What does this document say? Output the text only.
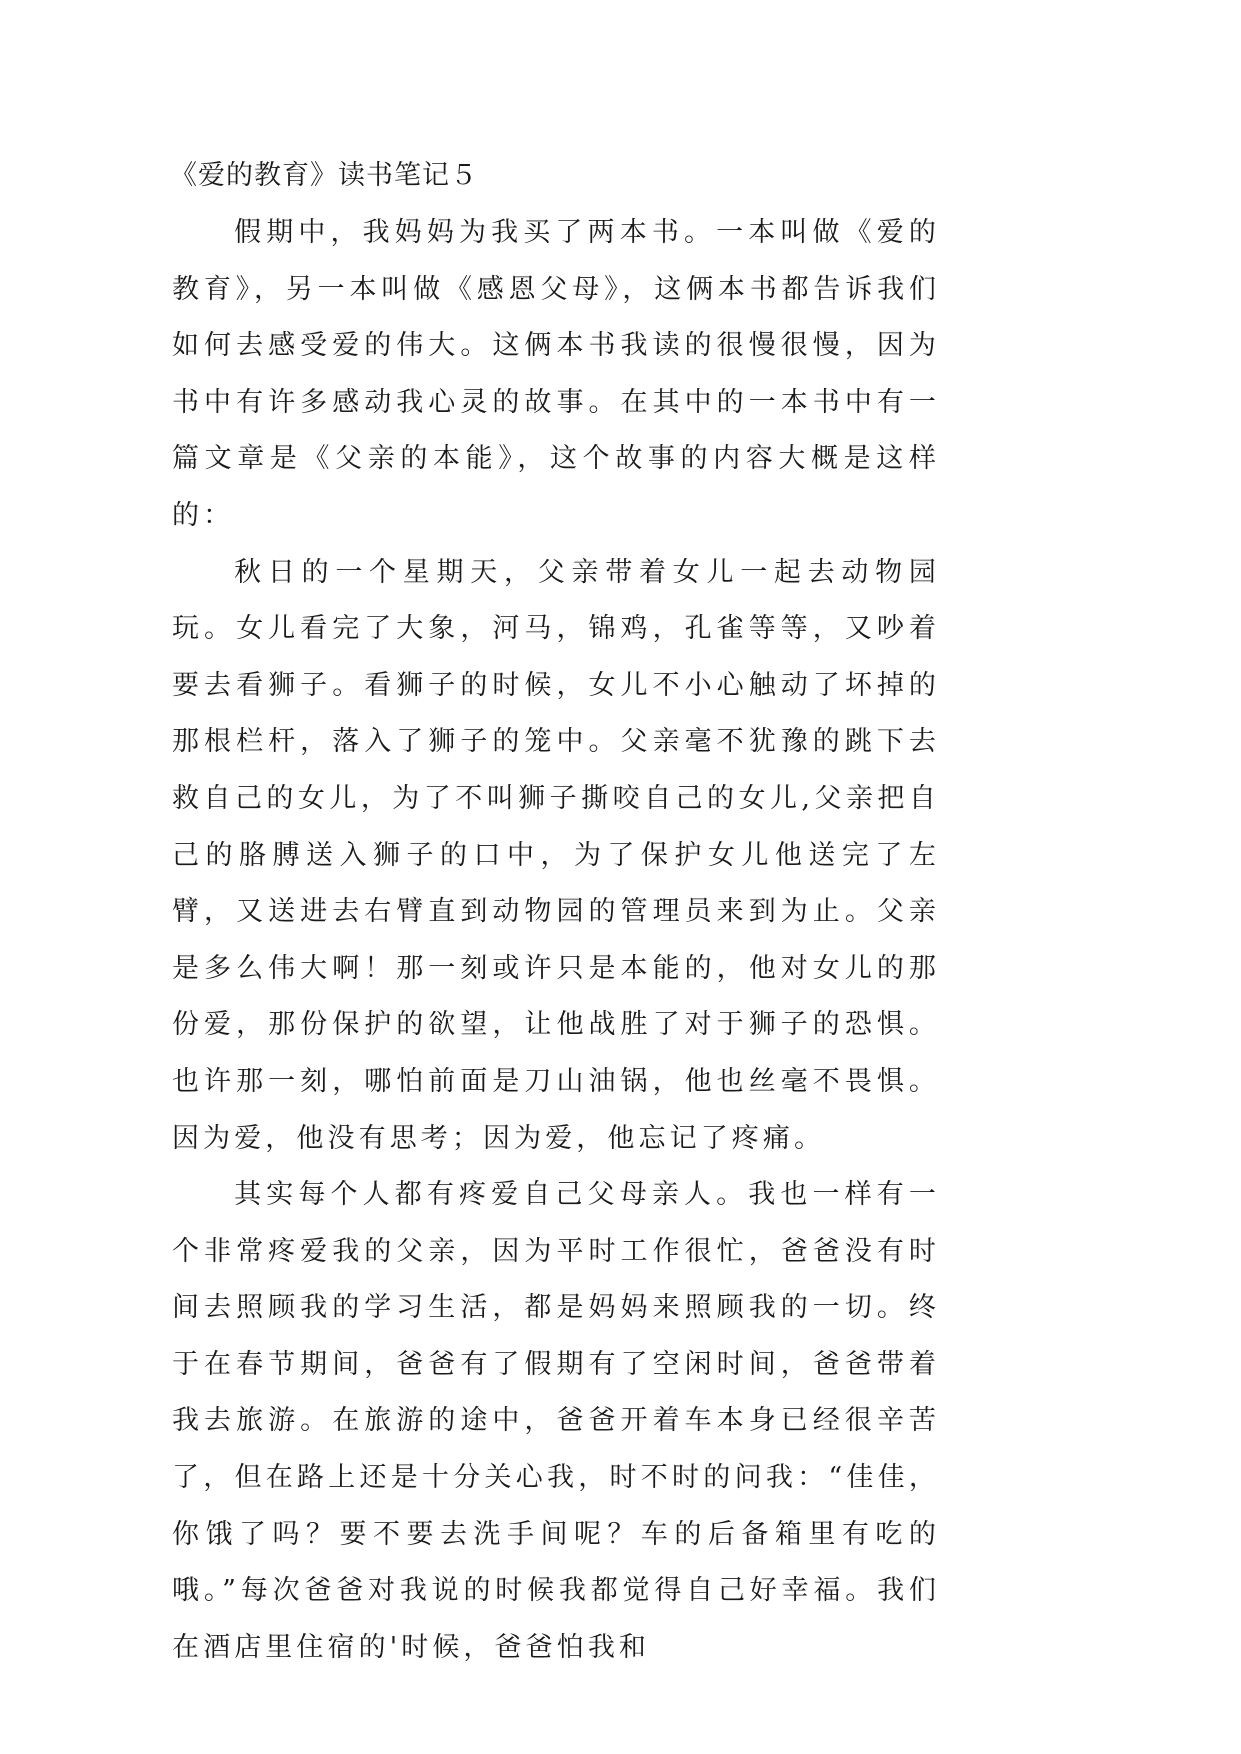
《爱的教育》读书笔记５

假期中，我妈妈为我买了两本书。一本叫做《爱的教育》，另一本叫做《感恩父母》，这俩本书都告诉我们如何去感受爱的伟大。这俩本书我读的很慢很慢，因为书中有许多感动我心灵的故事。在其中的一本书中有一篇文章是《父亲的本能》，这个故事的内容大概是这样的：

秋日的一个星期天，父亲带着女儿一起去动物园玩。女儿看完了大象，河马，锦鸡，孔雀等等，又吵着要去看狮子。看狮子的时候，女儿不小心触动了坏掉的那根栏杆，落入了狮子的笼中。父亲毫不犹豫的跳下去救自己的女儿，为了不叫狮子撕咬自己的女儿,父亲把自己的胳膊送入狮子的口中，为了保护女儿他送完了左臂，又送进去右臂直到动物园的管理员来到为止。父亲是多么伟大啊！那一刻或许只是本能的，他对女儿的那份爱，那份保护的欲望，让他战胜了对于狮子的恐惧。也许那一刻，哪怕前面是刀山油锅，他也丝毫不畏惧。因为爱，他没有思考；因为爱，他忘记了疼痛。

其实每个人都有疼爱自己父母亲人。我也一样有一个非常疼爱我的父亲，因为平时工作很忙，爸爸没有时间去照顾我的学习生活，都是妈妈来照顾我的一切。终于在春节期间，爸爸有了假期有了空闲时间，爸爸带着我去旅游。在旅游的途中，爸爸开着车本身已经很辛苦了，但在路上还是十分关心我，时不时的问我：“佳佳，你饿了吗？要不要去洗手间呢？车的后备箱里有吃的哦。”每次爸爸对我说的时候我都觉得自己好幸福。我们在酒店里住宿的'时候，爸爸怕我和
